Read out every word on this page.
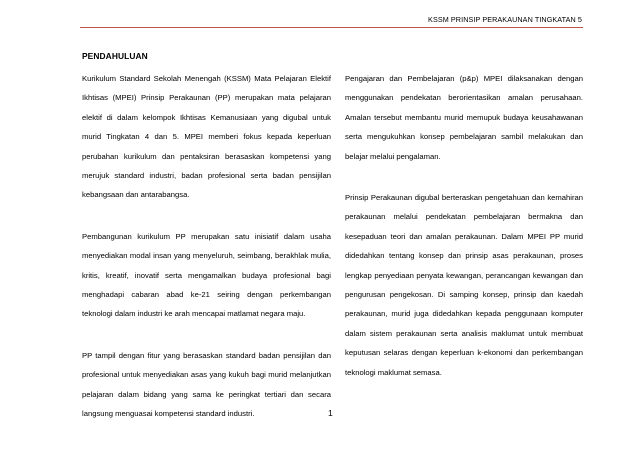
KSSM PRINSIP PERAKAUNAN TINGKATAN 5
PENDAHULUAN

Kurikulum Standard Sekolah Menengah (KSSM) Mata Pelajaran Elektif Ikhtisas (MPEI) Prinsip Perakaunan (PP) merupakan mata pelajaran elektif di dalam kelompok Ikhtisas Kemanusiaan yang digubal untuk murid Tingkatan 4 dan 5. MPEI memberi fokus kepada keperluan perubahan kurikulum dan pentaksiran berasaskan kompetensi yang merujuk standard industri, badan profesional serta badan pensijilan kebangsaan dan antarabangsa.

Pembangunan kurikulum PP merupakan satu inisiatif dalam usaha menyediakan modal insan yang menyeluruh, seimbang, berakhlak mulia, kritis, kreatif, inovatif serta mengamalkan budaya profesional bagi menghadapi cabaran abad ke-21 seiring dengan perkembangan teknologi dalam industri ke arah mencapai matlamat negara maju.

PP tampil dengan fitur yang berasaskan standard badan pensijilan dan profesional untuk menyediakan asas yang kukuh bagi murid melanjutkan pelajaran dalam bidang yang sama ke peringkat tertiari dan secara langsung menguasai kompetensi standard industri.

Pengajaran dan Pembelajaran (p&p) MPEI dilaksanakan dengan menggunakan pendekatan berorientasikan amalan perusahaan. Amalan tersebut membantu murid memupuk budaya keusahawanan serta mengukuhkan konsep pembelajaran sambil melakukan dan belajar melalui pengalaman.

Prinsip Perakaunan digubal berteraskan pengetahuan dan kemahiran perakaunan melalui pendekatan pembelajaran bermakna dan kesepaduan teori dan amalan perakaunan. Dalam MPEI PP murid didedahkan tentang konsep dan prinsip asas perakaunan, proses lengkap penyediaan penyata kewangan, perancangan kewangan dan pengurusan pengekosan. Di samping konsep, prinsip dan kaedah perakaunan, murid juga didedahkan kepada penggunaan komputer dalam sistem perakaunan serta analisis maklumat untuk membuat keputusan selaras dengan keperluan k-ekonomi dan perkembangan teknologi maklumat semasa.

1
